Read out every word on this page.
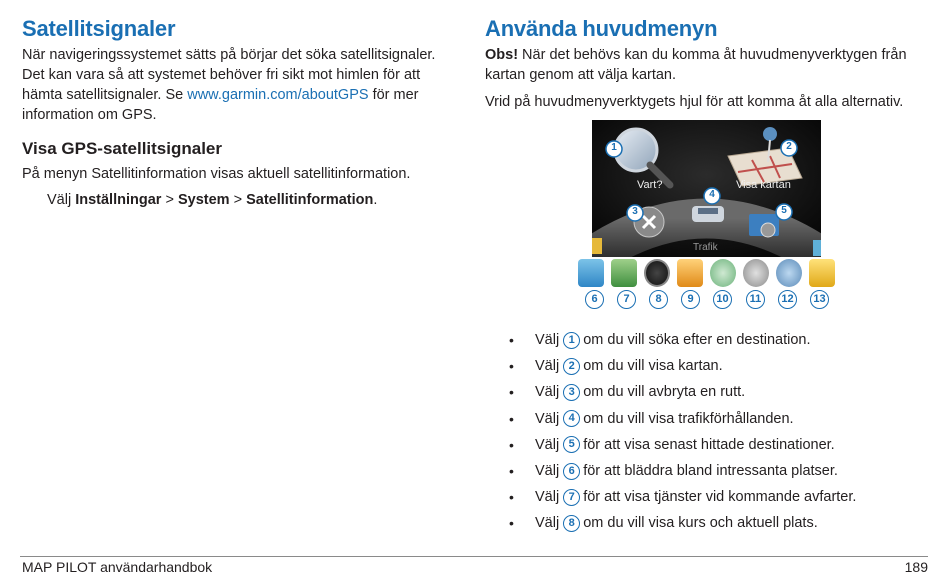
Satellitsignaler
När navigeringssystemet sätts på börjar det söka satellitsignaler.
Det kan vara så att systemet behöver fri sikt mot himlen för att
hämta satellitsignaler. Se www.garmin.com/aboutGPS för mer
information om GPS.
Visa GPS-satellitsignaler
På menyn Satellitinformation visas aktuell satellitinformation.
Välj Inställningar > System > Satellitinformation.
Använda huvudmenyn
Obs! När det behövs kan du komma åt huvudmenyverktygen från
kartan genom att välja kartan.
Vrid på huvudmenyverktygets hjul för att komma åt alla alternativ.
1	2
3
4
5
Vart?	Visa kartan
Trafik
6	7	8	9	10	11	12	13
•	Välj
1 om du vill söka efter en destination.
•	Välj
2 om du vill visa kartan.
•	Välj
3 om du vill avbryta en rutt.
•	Välj
4 om du vill visa trafikförhållanden.
•	Välj
5 för att visa senast hittade destinationer.
•	Välj
6 för att bläddra bland intressanta platser.
•	Välj
7 för att visa tjänster vid kommande avfarter.
•	Välj
8 om du vill visa kurs och aktuell plats.
MAP PILOT användarhandbok	189
